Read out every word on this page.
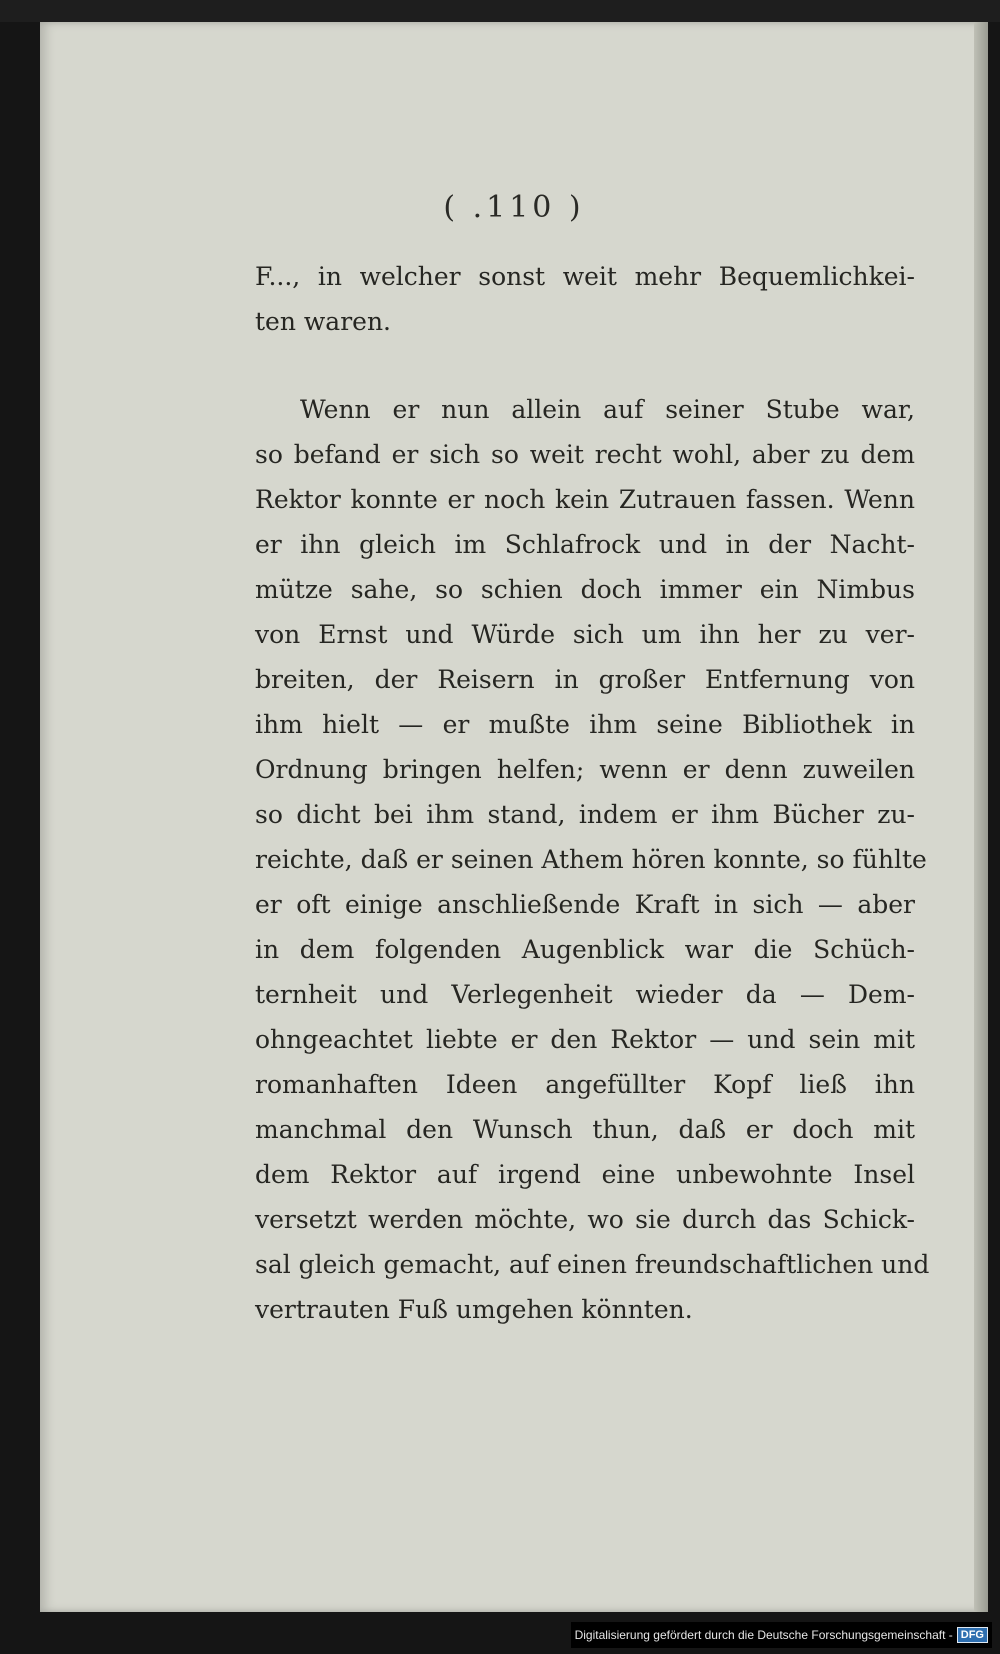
( .110 )
F..., in welcher sonst weit mehr Bequemlichkei-
ten waren.
Wenn er nun allein auf seiner Stube war,
so befand er sich so weit recht wohl, aber zu dem
Rektor konnte er noch kein Zutrauen fassen. Wenn
er ihn gleich im Schlafrock und in der Nacht-
mütze sahe, so schien doch immer ein Nimbus
von Ernst und Würde sich um ihn her zu ver-
breiten, der Reisern in großer Entfernung von
ihm hielt — er mußte ihm seine Bibliothek in
Ordnung bringen helfen; wenn er denn zuweilen
so dicht bei ihm stand, indem er ihm Bücher zu-
reichte, daß er seinen Athem hören konnte, so fühlte
er oft einige anschließende Kraft in sich — aber
in dem folgenden Augenblick war die Schüch-
ternheit und Verlegenheit wieder da — Dem-
ohngeachtet liebte er den Rektor — und sein mit
romanhaften Ideen angefüllter Kopf ließ ihn
manchmal den Wunsch thun, daß er doch mit
dem Rektor auf irgend eine unbewohnte Insel
versetzt werden möchte, wo sie durch das Schick-
sal gleich gemacht, auf einen freundschaftlichen und
vertrauten Fuß umgehen könnten.
Digitalisierung gefördert durch die Deutsche Forschungsgemeinschaft - DFG
